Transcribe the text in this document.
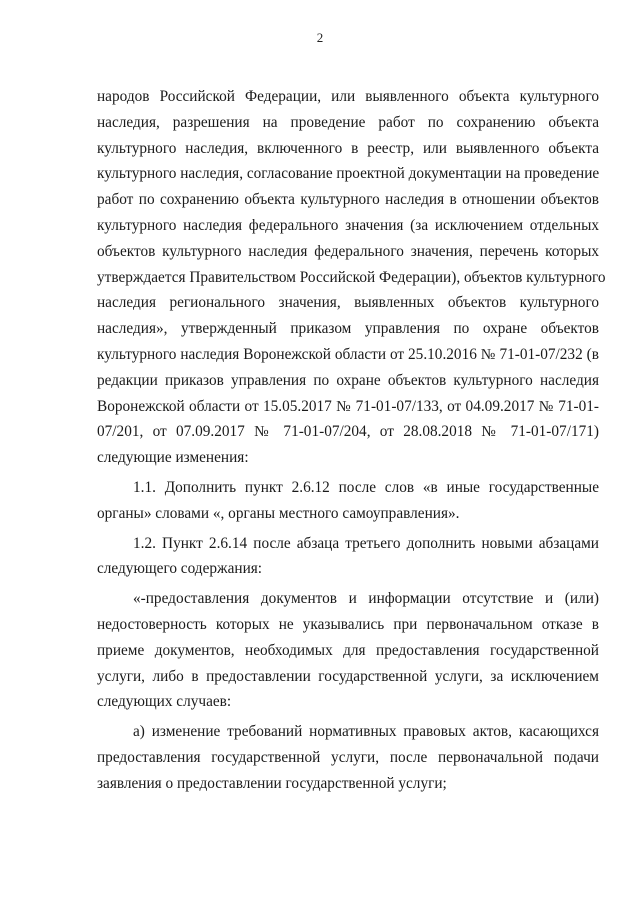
2
народов Российской Федерации, или выявленного объекта культурного
наследия, разрешения на проведение работ по сохранению объекта
культурного наследия, включенного в реестр, или выявленного объекта
культурного наследия, согласование проектной документации на проведение
работ по сохранению объекта культурного наследия в отношении объектов
культурного наследия федерального значения (за исключением отдельных
объектов культурного наследия федерального значения, перечень которых
утверждается Правительством Российской Федерации), объектов культурного
наследия регионального значения, выявленных объектов культурного
наследия», утвержденный приказом управления по охране объектов
культурного наследия Воронежской области от 25.10.2016 № 71-01-07/232 (в
редакции приказов управления по охране объектов культурного наследия
Воронежской области от 15.05.2017 № 71-01-07/133, от 04.09.2017 № 71-01-
07/201, от 07.09.2017 № 71-01-07/204, от 28.08.2018 № 71-01-07/171)
следующие изменения:
1.1. Дополнить пункт 2.6.12 после слов «в иные государственные
органы» словами «, органы местного самоуправления».
1.2. Пункт 2.6.14 после абзаца третьего дополнить новыми абзацами
следующего содержания:
«-предоставления документов и информации отсутствие и (или)
недостоверность которых не указывались при первоначальном отказе в
приеме документов, необходимых для предоставления государственной
услуги, либо в предоставлении государственной услуги, за исключением
следующих случаев:
а) изменение требований нормативных правовых актов, касающихся
предоставления государственной услуги, после первоначальной подачи
заявления о предоставлении государственной услуги;
